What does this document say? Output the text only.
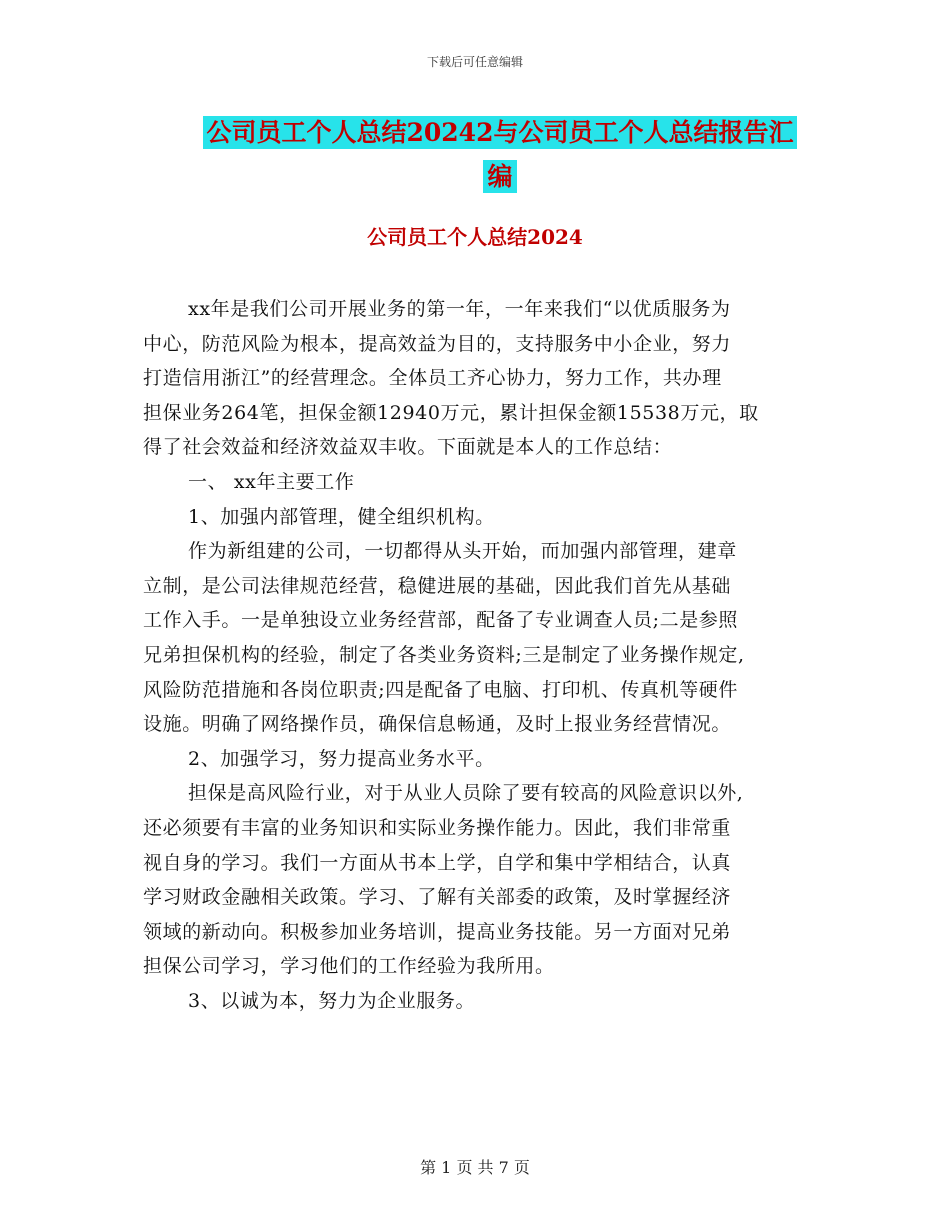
下载后可任意编辑
公司员工个人总结20242与公司员工个人总结报告汇
编
公司员工个人总结2024

xx年是我们公司开展业务的第一年，一年来我们“以优质服务为

中心，防范风险为根本，提高效益为目的，支持服务中小企业，努力

打造信用浙江”的经营理念。全体员工齐心协力，努力工作，共办理

担保业务264笔，担保金额12940万元，累计担保金额15538万元，取

得了社会效益和经济效益双丰收。下面就是本人的工作总结：

一、 xx年主要工作

1、加强内部管理，健全组织机构。

作为新组建的公司，一切都得从头开始，而加强内部管理，建章

立制，是公司法律规范经营，稳健进展的基础，因此我们首先从基础

工作入手。一是单独设立业务经营部，配备了专业调查人员;二是参照

兄弟担保机构的经验，制定了各类业务资料;三是制定了业务操作规定,

风险防范措施和各岗位职责;四是配备了电脑、打印机、传真机等硬件

设施。明确了网络操作员，确保信息畅通，及时上报业务经营情况。

2、加强学习，努力提高业务水平。

担保是高风险行业，对于从业人员除了要有较高的风险意识以外,

还必须要有丰富的业务知识和实际业务操作能力。因此，我们非常重

视自身的学习。我们一方面从书本上学，自学和集中学相结合，认真

学习财政金融相关政策。学习、了解有关部委的政策，及时掌握经济

领域的新动向。积极参加业务培训，提高业务技能。另一方面对兄弟

担保公司学习，学习他们的工作经验为我所用。

3、以诚为本，努力为企业服务。

第 1 页 共 7 页
